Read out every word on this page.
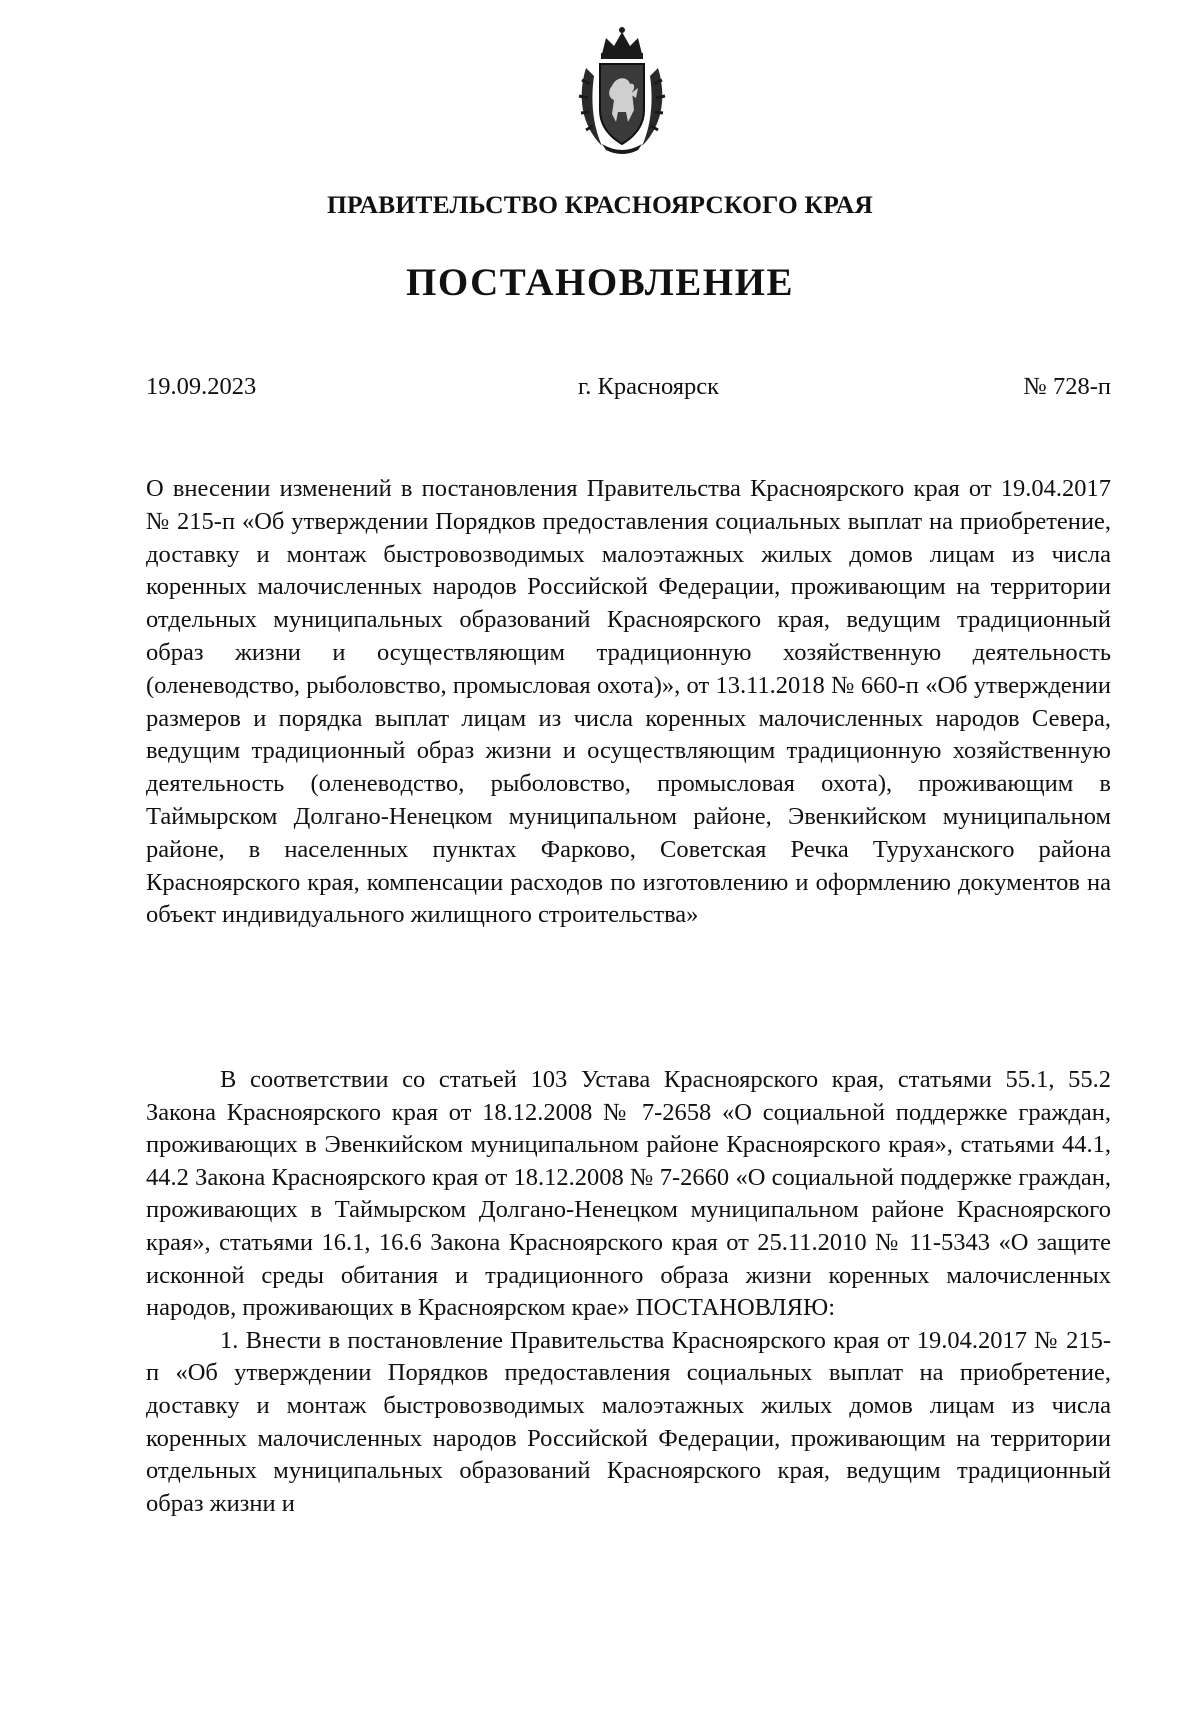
ПРАВИТЕЛЬСТВО КРАСНОЯРСКОГО КРАЯ
ПОСТАНОВЛЕНИЕ
19.09.2023	г. Красноярск	№ 728-п
О внесении изменений в постановления Правительства Красноярского края от 19.04.2017 № 215-п «Об утверждении Порядков предоставления социальных выплат на приобретение, доставку и монтаж быстровозводимых малоэтажных жилых домов лицам из числа коренных малочисленных народов Российской Федерации, проживающим на территории отдельных муниципальных образований Красноярского края, ведущим традиционный образ жизни и осуществляющим традиционную хозяйственную деятельность (оленеводство, рыболовство, промысловая охота)», от 13.11.2018 № 660-п «Об утверждении размеров и порядка выплат лицам из числа коренных малочисленных народов Севера, ведущим традиционный образ жизни и осуществляющим традиционную хозяйственную деятельность (оленеводство, рыболовство, промысловая охота), проживающим в Таймырском Долгано-Ненецком муниципальном районе, Эвенкийском муниципальном районе, в населенных пунктах Фарково, Советская Речка Туруханского района Красноярского края, компенсации расходов по изготовлению и оформлению документов на объект индивидуального жилищного строительства»

В соответствии со статьей 103 Устава Красноярского края, статьями 55.1, 55.2 Закона Красноярского края от 18.12.2008 № 7-2658 «О социальной поддержке граждан, проживающих в Эвенкийском муниципальном районе Красноярского края», статьями 44.1, 44.2 Закона Красноярского края от 18.12.2008 № 7-2660 «О социальной поддержке граждан, проживающих в Таймырском Долгано-Ненецком муниципальном районе Красноярского края», статьями 16.1, 16.6 Закона Красноярского края от 25.11.2010 № 11-5343 «О защите исконной среды обитания и традиционного образа жизни коренных малочисленных народов, проживающих в Красноярском крае» ПОСТАНОВЛЯЮ:

1. Внести в постановление Правительства Красноярского края от 19.04.2017 № 215-п «Об утверждении Порядков предоставления социальных выплат на приобретение, доставку и монтаж быстровозводимых малоэтажных жилых домов лицам из числа коренных малочисленных народов Российской Федерации, проживающим на территории отдельных муниципальных образований Красноярского края, ведущим традиционный образ жизни и
